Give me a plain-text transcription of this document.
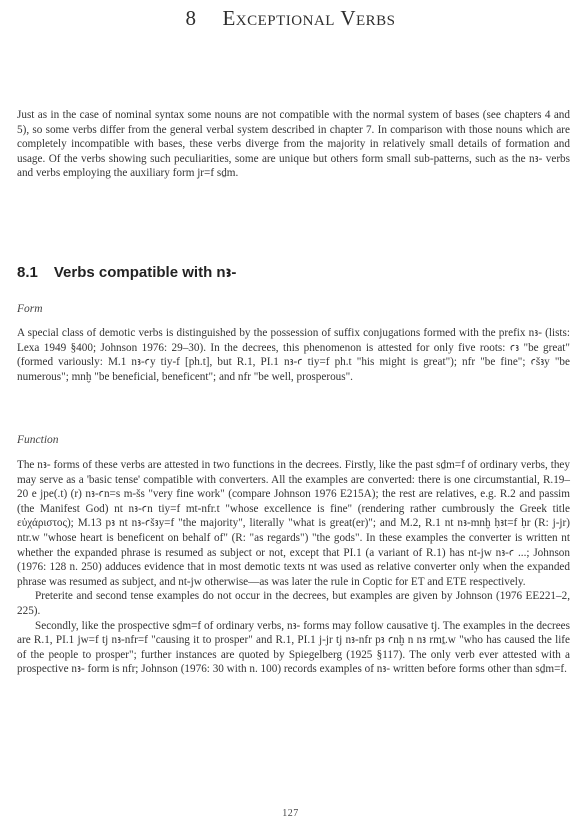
8 Exceptional Verbs

Just as in the case of nominal syntax some nouns are not compatible with the normal system of bases (see chapters 4 and 5), so some verbs differ from the general verbal system described in chapter 7. In comparison with those nouns which are completely incompatible with bases, these verbs diverge from the majority in relatively small details of formation and usage. Of the verbs showing such peculiarities, some are unique but others form small sub-patterns, such as the nꜣ- verbs and verbs employing the auxiliary form jr=f sḏm.

8.1 Verbs compatible with nꜣ-
Form

A special class of demotic verbs is distinguished by the possession of suffix conjugations formed with the prefix nꜣ- (lists: Lexa 1949 §400; Johnson 1976: 29–30). In the decrees, this phenomenon is attested for only five roots: ꜥꜣ "be great" (formed variously: M.1 nꜣ-ꜥy tiy-f [ph.t], but R.1, PI.1 nꜣ-ꜥ tiy=f ph.t "his might is great"); nfr "be fine"; ꜥšꜣy "be numerous"; mnḫ "be beneficial, beneficent"; and nfr "be well, prosperous".

Function

The nꜣ- forms of these verbs are attested in two functions in the decrees. Firstly, like the past sḏm=f of ordinary verbs, they may serve as a 'basic tense' compatible with converters. All the examples are converted: there is one circumstantial, R.19–20 e jpe(.t) (r) nꜣ-ꜥn=s m-šs "very fine work" (compare Johnson 1976 E215A); the rest are relatives, e.g. R.2 and passim (the Manifest God) nt nꜣ-ꜥn tiy=f mt-nfr.t "whose excellence is fine" (rendering rather cumbrously the Greek title εὐχάριστος); M.13 pꜣ nt nꜣ-ꜥšꜣy=f "the majority", literally "what is great(er)"; and M.2, R.1 nt nꜣ-mnḫ ḥꜣt=f ḥr (R: j-jr) ntr.w "whose heart is beneficent on behalf of" (R: "as regards") "the gods". In these examples the converter is written nt whether the expanded phrase is resumed as subject or not, except that PI.1 (a variant of R.1) has nt-jw nꜣ-ꜥ ...; Johnson (1976: 128 n. 250) adduces evidence that in most demotic texts nt was used as relative converter only when the expanded phrase was resumed as subject, and nt-jw otherwise—as was later the rule in Coptic for ET and ETE respectively.

Preterite and second tense examples do not occur in the decrees, but examples are given by Johnson (1976 EE221–2, 225).

Secondly, like the prospective sḏm=f of ordinary verbs, nꜣ- forms may follow causative tj. The examples in the decrees are R.1, PI.1 jw=f tj nꜣ-nfr=f "causing it to prosper" and R.1, PI.1 j-jr tj nꜣ-nfr pꜣ ꜥnḫ n nꜣ rmṯ.w "who has caused the life of the people to prosper"; further instances are quoted by Spiegelberg (1925 §117). The only verb ever attested with a prospective nꜣ- form is nfr; Johnson (1976: 30 with n. 100) records examples of nꜣ- written before forms other than sḏm=f.

127
